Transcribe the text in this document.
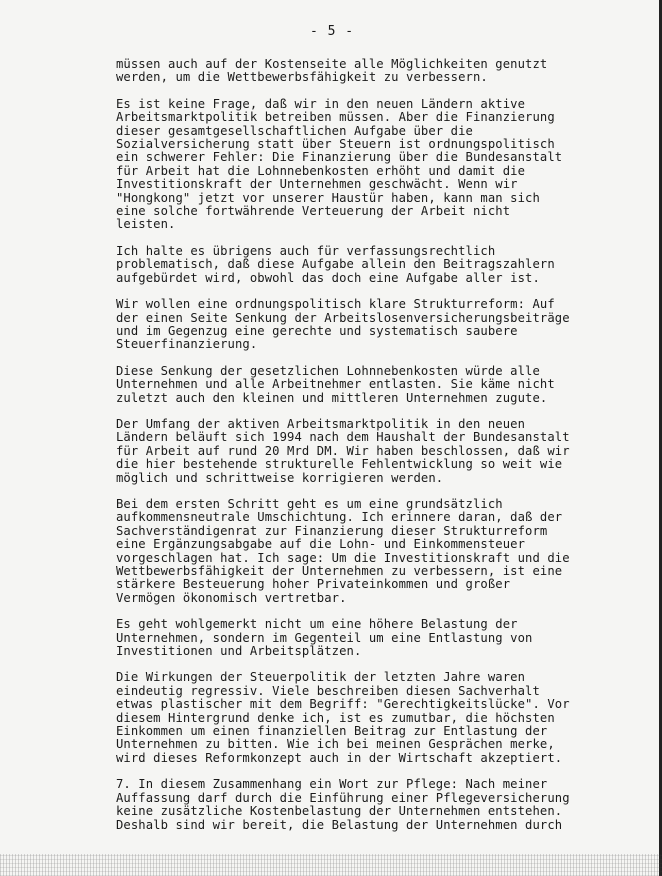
- 5 -
müssen auch auf der Kostenseite alle Möglichkeiten genutzt
werden, um die Wettbewerbsfähigkeit zu verbessern.
Es ist keine Frage, daß wir in den neuen Ländern aktive
Arbeitsmarktpolitik betreiben müssen. Aber die Finanzierung
dieser gesamtgesellschaftlichen Aufgabe über die
Sozialversicherung statt über Steuern ist ordnungspolitisch
ein schwerer Fehler: Die Finanzierung über die Bundesanstalt
für Arbeit hat die Lohnnebenkosten erhöht und damit die
Investitionskraft der Unternehmen geschwächt. Wenn wir
"Hongkong" jetzt vor unserer Haustür haben, kann man sich
eine solche fortwährende Verteuerung der Arbeit nicht
leisten.
Ich halte es übrigens auch für verfassungsrechtlich
problematisch, daß diese Aufgabe allein den Beitragszahlern
aufgebürdet wird, obwohl das doch eine Aufgabe aller ist.
Wir wollen eine ordnungspolitisch klare Strukturreform: Auf
der einen Seite Senkung der Arbeitslosenversicherungsbeiträge
und im Gegenzug eine gerechte und systematisch saubere
Steuerfinanzierung.
Diese Senkung der gesetzlichen Lohnnebenkosten würde alle
Unternehmen und alle Arbeitnehmer entlasten. Sie käme nicht
zuletzt auch den kleinen und mittleren Unternehmen zugute.
Der Umfang der aktiven Arbeitsmarktpolitik in den neuen
Ländern beläuft sich 1994 nach dem Haushalt der Bundesanstalt
für Arbeit auf rund 20 Mrd DM. Wir haben beschlossen, daß wir
die hier bestehende strukturelle Fehlentwicklung so weit wie
möglich und schrittweise korrigieren werden.
Bei dem ersten Schritt geht es um eine grundsätzlich
aufkommensneutrale Umschichtung. Ich erinnere daran, daß der
Sachverständigenrat zur Finanzierung dieser Strukturreform
eine Ergänzungsabgabe auf die Lohn- und Einkommensteuer
vorgeschlagen hat. Ich sage: Um die Investitionskraft und die
Wettbewerbsfähigkeit der Unternehmen zu verbessern, ist eine
stärkere Besteuerung hoher Privateinkommen und großer
Vermögen ökonomisch vertretbar.
Es geht wohlgemerkt nicht um eine höhere Belastung der
Unternehmen, sondern im Gegenteil um eine Entlastung von
Investitionen und Arbeitsplätzen.
Die Wirkungen der Steuerpolitik der letzten Jahre waren
eindeutig regressiv. Viele beschreiben diesen Sachverhalt
etwas plastischer mit dem Begriff: "Gerechtigkeitslücke". Vor
diesem Hintergrund denke ich, ist es zumutbar, die höchsten
Einkommen um einen finanziellen Beitrag zur Entlastung der
Unternehmen zu bitten. Wie ich bei meinen Gesprächen merke,
wird dieses Reformkonzept auch in der Wirtschaft akzeptiert.
7. In diesem Zusammenhang ein Wort zur Pflege: Nach meiner
Auffassung darf durch die Einführung einer Pflegeversicherung
keine zusätzliche Kostenbelastung der Unternehmen entstehen.
Deshalb sind wir bereit, die Belastung der Unternehmen durch
